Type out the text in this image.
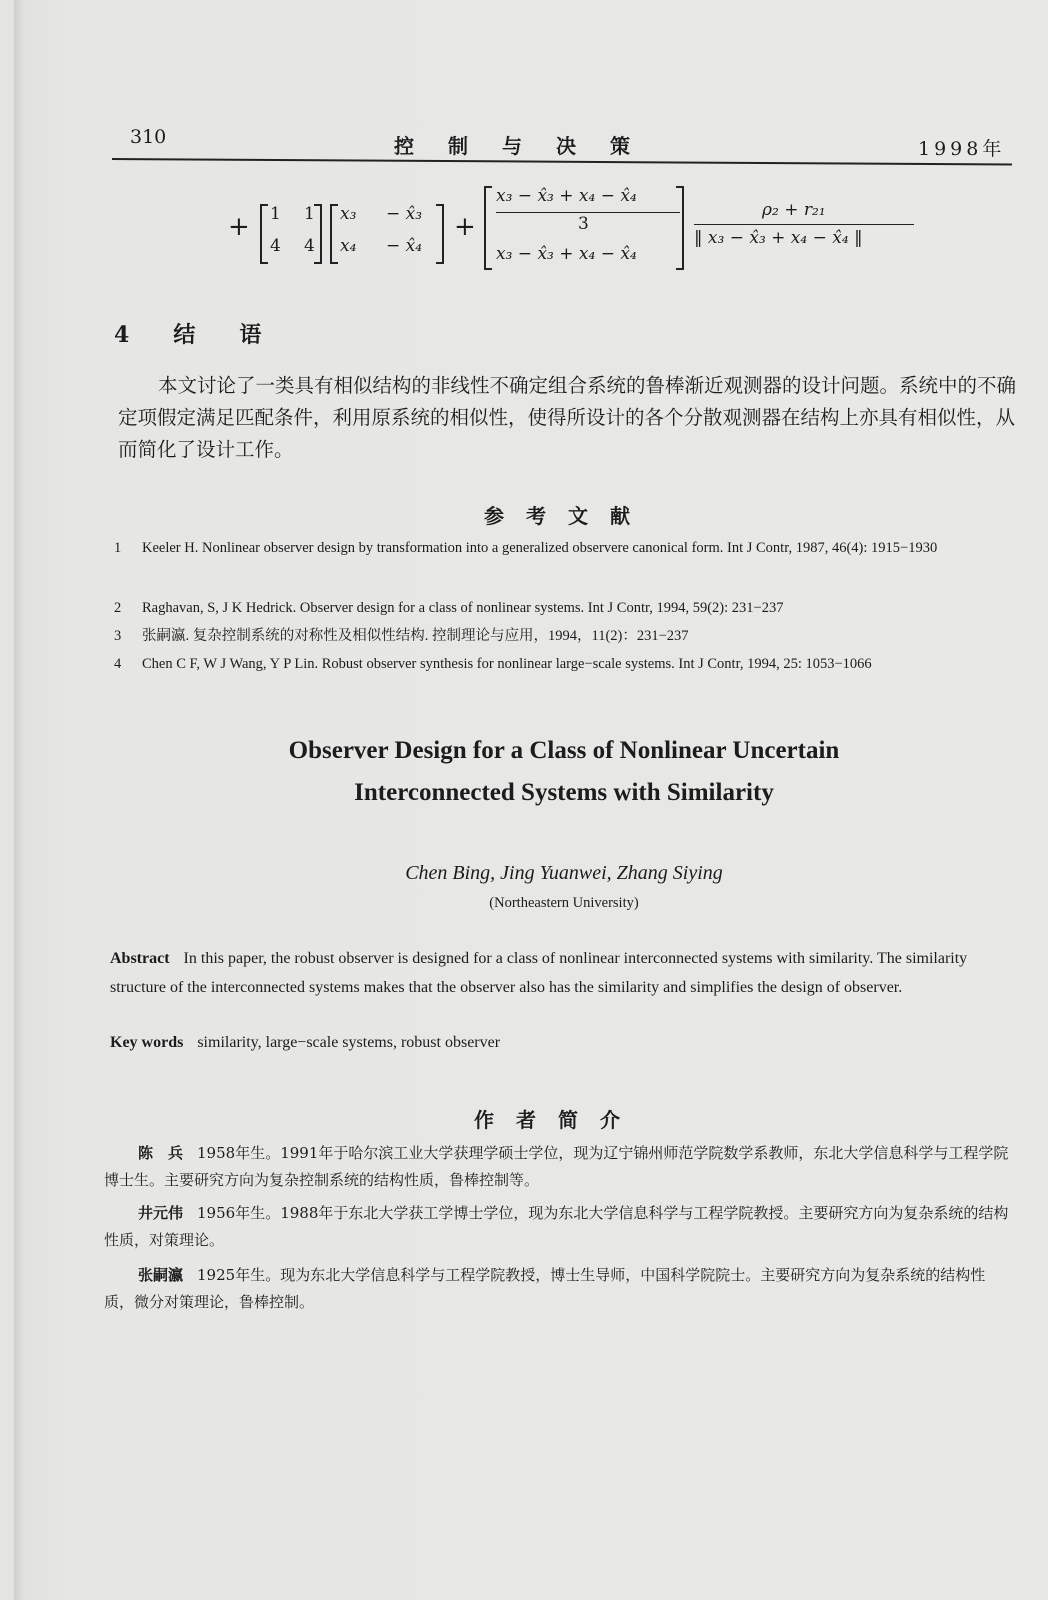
310	控制与决策	1998年
+ 1 1
4 4
x₃ − x̂₃
x₄ − x̂₄
+
x₃ − x̂₃ + x₄ − x̂₄
3
x₃ − x̂₃ + x₄ − x̂₄
ρ₂ + r₂₁
‖ x₃ − x̂₃ + x₄ − x̂₄ ‖
4 结 语
本文讨论了一类具有相似结构的非线性不确定组合系统的鲁棒渐近观测器的设计问题。系统中的不确定项假定满足匹配条件，利用原系统的相似性，使得所设计的各个分散观测器在结构上亦具有相似性，从而简化了设计工作。
参考文献
1 Keeler H. Nonlinear observer design by transformation into a generalized observere canonical form. Int J Contr, 1987, 46(4): 1915−1930
2 Raghavan, S, J K Hedrick. Observer design for a class of nonlinear systems. Int J Contr, 1994, 59(2): 231−237
3 张嗣瀛. 复杂控制系统的对称性及相似性结构. 控制理论与应用，1994，11(2)：231−237
4 Chen C F, W J Wang, Y P Lin. Robust observer synthesis for nonlinear large−scale systems. Int J Contr, 1994, 25: 1053−1066
Observer Design for a Class of Nonlinear Uncertain
Interconnected Systems with Similarity
Chen Bing, Jing Yuanwei, Zhang Siying
(Northeastern University)
Abstract In this paper, the robust observer is designed for a class of nonlinear interconnected systems with similarity. The similarity structure of the interconnected systems makes that the observer also has the similarity and simplifies the design of observer.
Key words similarity, large−scale systems, robust observer
作者简介
陈　兵 1958年生。1991年于哈尔滨工业大学获理学硕士学位，现为辽宁锦州师范学院数学系教师，东北大学信息科学与工程学院博士生。主要研究方向为复杂控制系统的结构性质，鲁棒控制等。
井元伟 1956年生。1988年于东北大学获工学博士学位，现为东北大学信息科学与工程学院教授。主要研究方向为复杂系统的结构性质，对策理论。
张嗣瀛 1925年生。现为东北大学信息科学与工程学院教授，博士生导师，中国科学院院士。主要研究方向为复杂系统的结构性质，微分对策理论，鲁棒控制。
